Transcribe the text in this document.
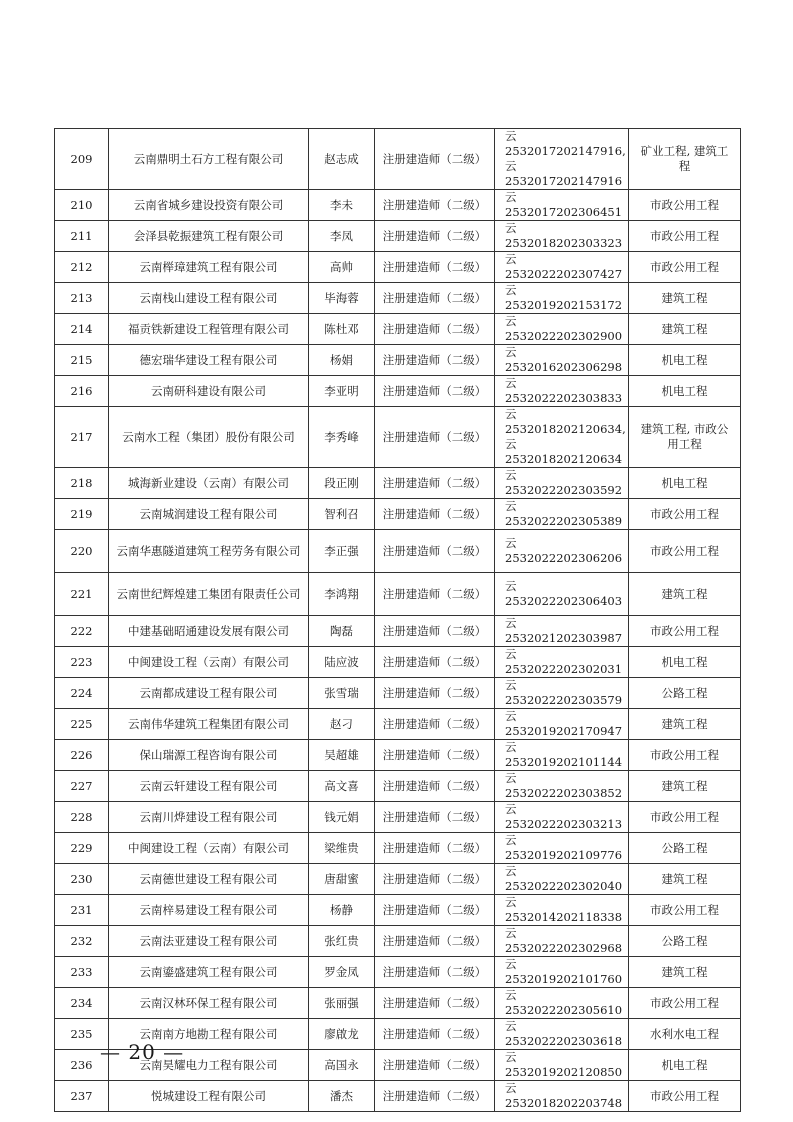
209	云南鼎明土石方工程有限公司	赵志成	注册建造师（二级）	云 2532017202147916,
云 2532017202147916	矿业工程, 建筑工
程

210	云南省城乡建设投资有限公司	李未	注册建造师（二级）	云 2532017202306451	市政公用工程

211	会泽县乾振建筑工程有限公司	李凤	注册建造师（二级）	云 2532018202303323	市政公用工程

212	云南榉璋建筑工程有限公司	高帅	注册建造师（二级）	云 2532022202307427	市政公用工程

213	云南栈山建设工程有限公司	毕海蓉	注册建造师（二级）	云 2532019202153172	建筑工程

214	福贡铁新建设工程管理有限公司	陈杜邓	注册建造师（二级）	云 2532022202302900	建筑工程

215	德宏瑞华建设工程有限公司	杨娟	注册建造师（二级）	云 2532016202306298	机电工程

216	云南研科建设有限公司	李亚明	注册建造师（二级）	云 2532022202303833	机电工程

217	云南水工程（集团）股份有限公司	李秀峰	注册建造师（二级）	云 2532018202120634,
云 2532018202120634	建筑工程, 市政公
用工程

218	城海新业建设（云南）有限公司	段正刚	注册建造师（二级）	云 2532022202303592	机电工程

219	云南城润建设工程有限公司	智利召	注册建造师（二级）	云 2532022202305389	市政公用工程

220	云南华惠隧道建筑工程劳务有限公司	李正强	注册建造师（二级）	云 2532022202306206	市政公用工程

221	云南世纪辉煌建工集团有限责任公司	李鸿翔	注册建造师（二级）	云 2532022202306403	建筑工程

222	中建基础昭通建设发展有限公司	陶磊	注册建造师（二级）	云 2532021202303987	市政公用工程

223	中闽建设工程（云南）有限公司	陆应波	注册建造师（二级）	云 2532022202302031	机电工程

224	云南都成建设工程有限公司	张雪瑞	注册建造师（二级）	云 2532022202303579	公路工程

225	云南伟华建筑工程集团有限公司	赵刁	注册建造师（二级）	云 2532019202170947	建筑工程

226	保山瑞源工程咨询有限公司	吴超雄	注册建造师（二级）	云 2532019202101144	市政公用工程

227	云南云轩建设工程有限公司	高文喜	注册建造师（二级）	云 2532022202303852	建筑工程

228	云南川烨建设工程有限公司	钱元娟	注册建造师（二级）	云 2532022202303213	市政公用工程

229	中闽建设工程（云南）有限公司	梁维贵	注册建造师（二级）	云 2532019202109776	公路工程

230	云南德世建设工程有限公司	唐甜蜜	注册建造师（二级）	云 2532022202302040	建筑工程

231	云南梓易建设工程有限公司	杨静	注册建造师（二级）	云 2532014202118338	市政公用工程

232	云南法亚建设工程有限公司	张红贵	注册建造师（二级）	云 2532022202302968	公路工程

233	云南鎏盛建筑工程有限公司	罗金凤	注册建造师（二级）	云 2532019202101760	建筑工程

234	云南汉林环保工程有限公司	张丽强	注册建造师（二级）	云 2532022202305610	市政公用工程

235	云南南方地勘工程有限公司	廖啟龙	注册建造师（二级）	云 2532022202303618	水利水电工程

236	云南昊耀电力工程有限公司	高国永	注册建造师（二级）	云 2532019202120850	机电工程

237	悦城建设工程有限公司	潘杰	注册建造师（二级）	云 2532018202203748	市政公用工程
— 20 —
